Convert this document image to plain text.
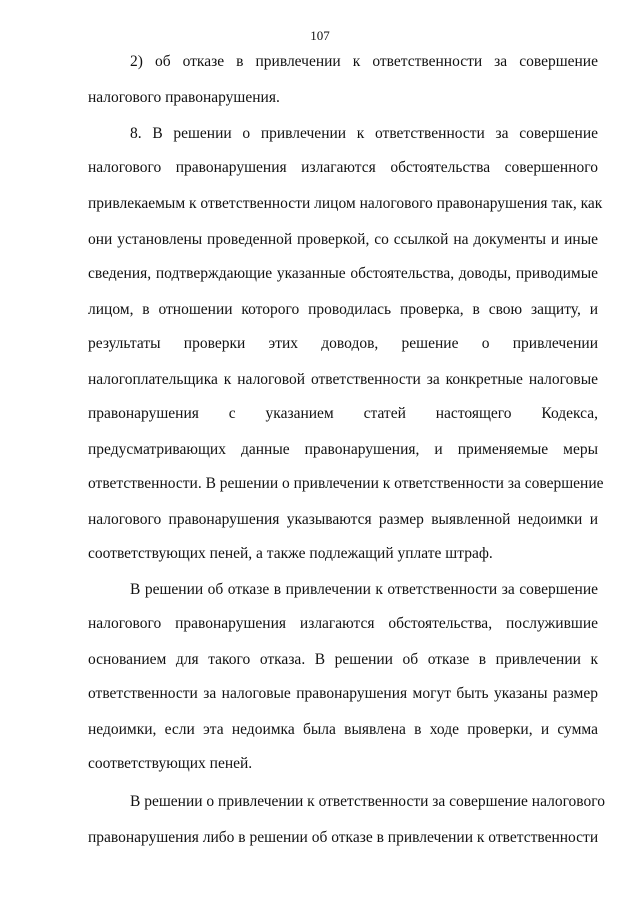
107
2) об отказе в привлечении к ответственности за совершение
налогового правонарушения.
8. В решении о привлечении к ответственности за совершение
налогового правонарушения излагаются обстоятельства совершенного
привлекаемым к ответственности лицом налогового правонарушения так, как
они установлены проведенной проверкой, со ссылкой на документы и иные
сведения, подтверждающие указанные обстоятельства, доводы, приводимые
лицом, в отношении которого проводилась проверка, в свою защиту, и
результаты проверки этих доводов, решение о привлечении
налогоплательщика к налоговой ответственности за конкретные налоговые
правонарушения с указанием статей настоящего Кодекса,
предусматривающих данные правонарушения, и применяемые меры
ответственности. В решении о привлечении к ответственности за совершение
налогового правонарушения указываются размер выявленной недоимки и
соответствующих пеней, а также подлежащий уплате штраф.
В решении об отказе в привлечении к ответственности за совершение
налогового правонарушения излагаются обстоятельства, послужившие
основанием для такого отказа. В решении об отказе в привлечении к
ответственности за налоговые правонарушения могут быть указаны размер
недоимки, если эта недоимка была выявлена в ходе проверки, и сумма
соответствующих пеней.
В решении о привлечении к ответственности за совершение налогового
правонарушения либо в решении об отказе в привлечении к ответственности
